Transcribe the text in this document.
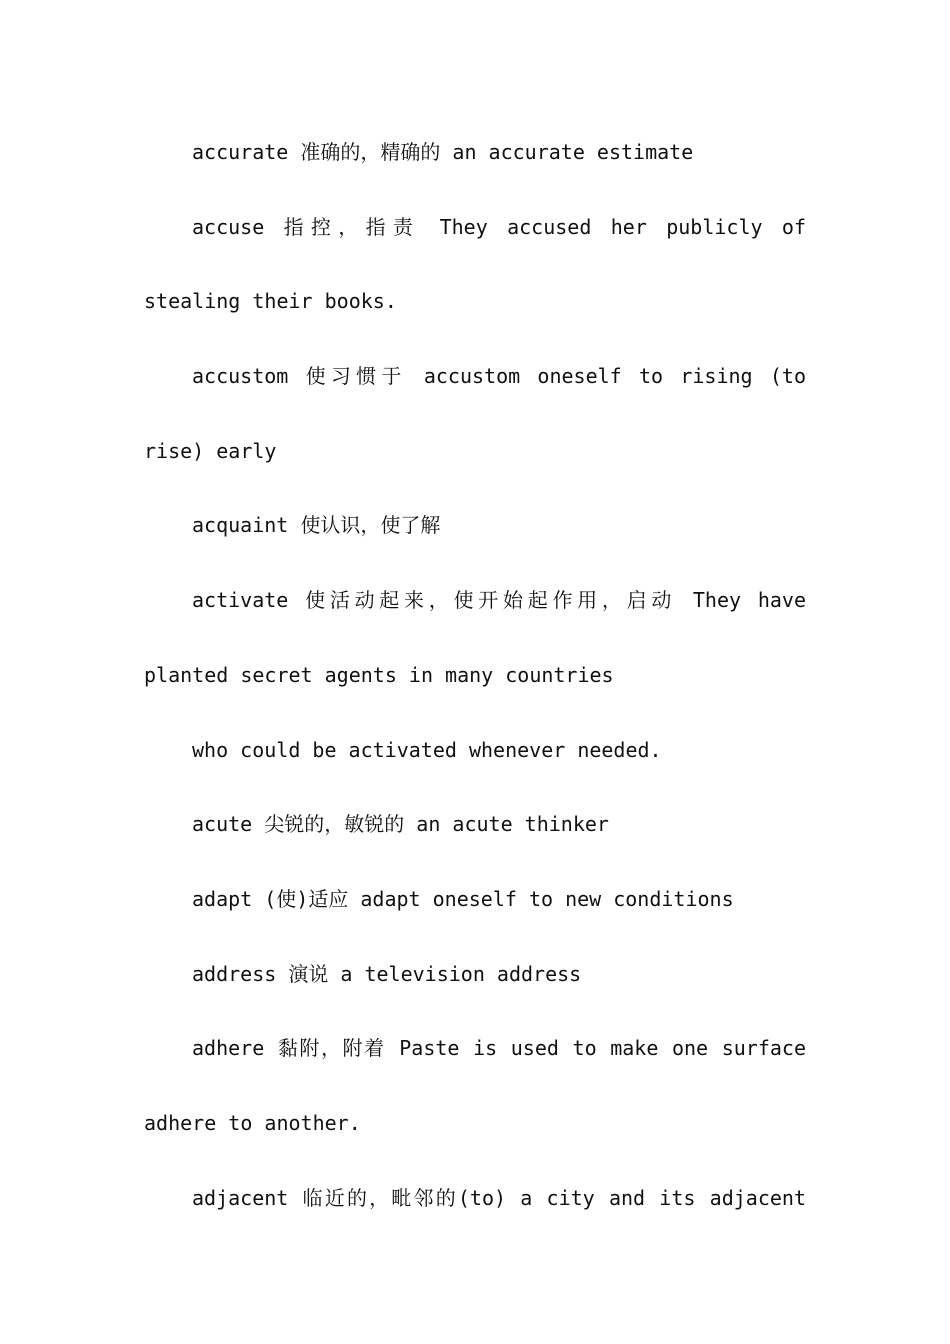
accurate 准确的，精确的 an accurate estimate
accuse 指控，指责 They accused her publicly of
stealing their books.
accustom 使习惯于 accustom oneself to rising (to
rise) early
acquaint 使认识，使了解
activate 使活动起来，使开始起作用，启动 They have
planted secret agents in many countries
who could be activated whenever needed.
acute 尖锐的，敏锐的 an acute thinker
adapt (使)适应 adapt oneself to new conditions
address 演说 a television address
adhere 黏附，附着 Paste is used to make one surface
adhere to another.
adjacent 临近的，毗邻的(to) a city and its adjacent
